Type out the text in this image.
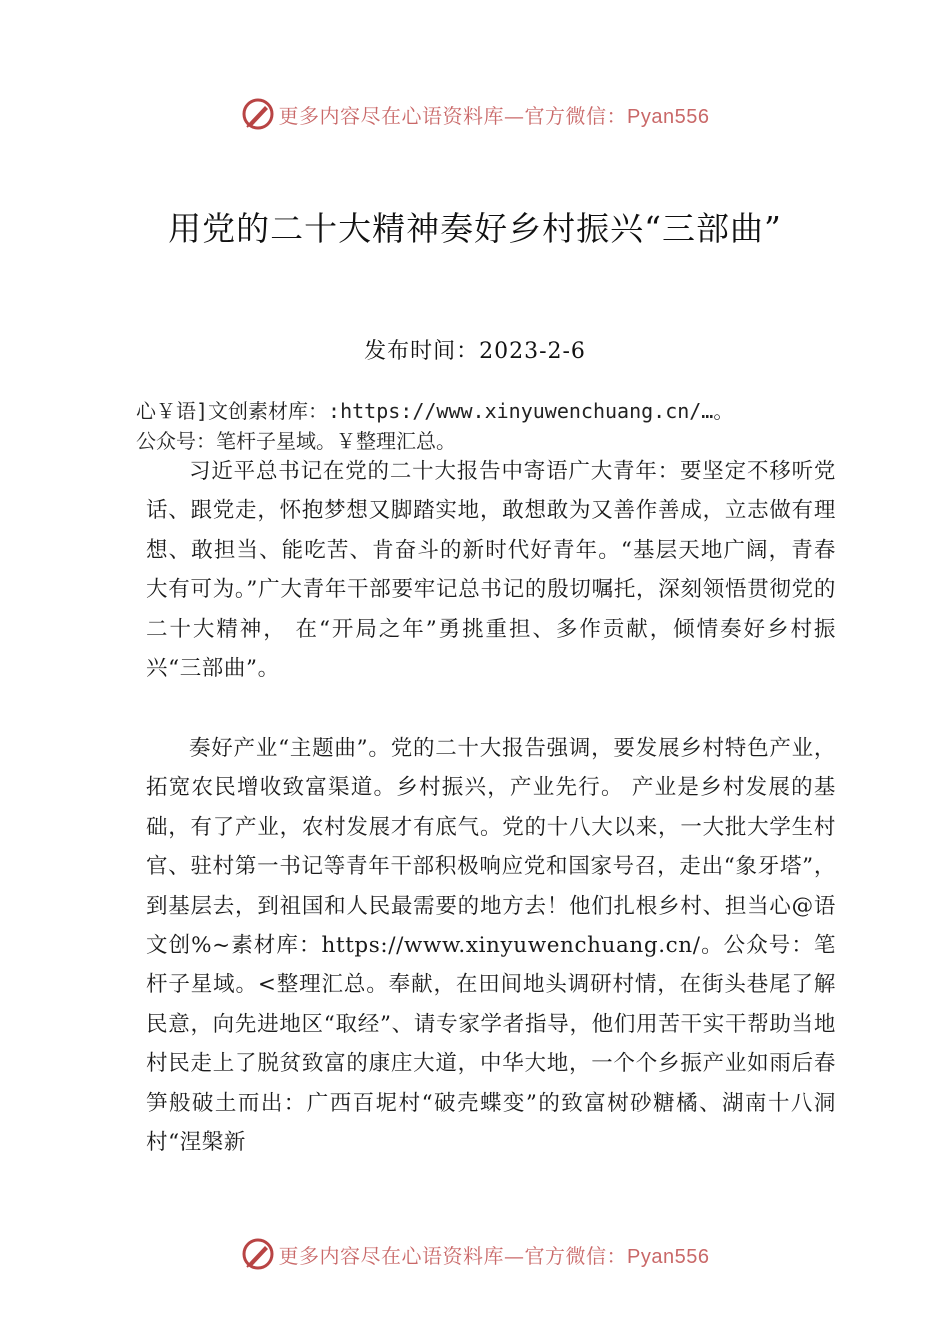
更多内容尽在心语资料库—官方微信：Pyan556
用党的二十大精神奏好乡村振兴“三部曲”
发布时间：2023-2-6
心￥语]文创素材库：:https://www.xinyuwenchuang.cn/…。
公众号：笔杆子星域。￥整理汇总。
习近平总书记在党的二十大报告中寄语广大青年：要坚定不移听党话、跟党走，怀抱梦想又脚踏实地，敢想敢为又善作善成，立志做有理想、敢担当、能吃苦、肯奋斗的新时代好青年。“基层天地广阔，青春大有可为。”广大青年干部要牢记总书记的殷切嘱托，深刻领悟贯彻党的二十大精神， 在“开局之年”勇挑重担、多作贡献，倾情奏好乡村振兴“三部曲”。
奏好产业“主题曲”。党的二十大报告强调，要发展乡村特色产业，拓宽农民增收致富渠道。乡村振兴，产业先行。 产业是乡村发展的基础，有了产业，农村发展才有底气。党的十八大以来，一大批大学生村官、驻村第一书记等青年干部积极响应党和国家号召，走出“象牙塔”，到基层去，到祖国和人民最需要的地方去！他们扎根乡村、担当心@语文创%~素材库：https://www.xinyuwenchuang.cn/。公众号：笔杆子星域。<整理汇总。奉献，在田间地头调研村情，在街头巷尾了解民意，向先进地区“取经”、请专家学者指导，他们用苦干实干帮助当地村民走上了脱贫致富的康庄大道，中华大地，一个个乡振产业如雨后春笋般破土而出：广西百坭村“破壳蝶变”的致富树砂糖橘、湖南十八洞村“涅槃新
更多内容尽在心语资料库—官方微信：Pyan556
